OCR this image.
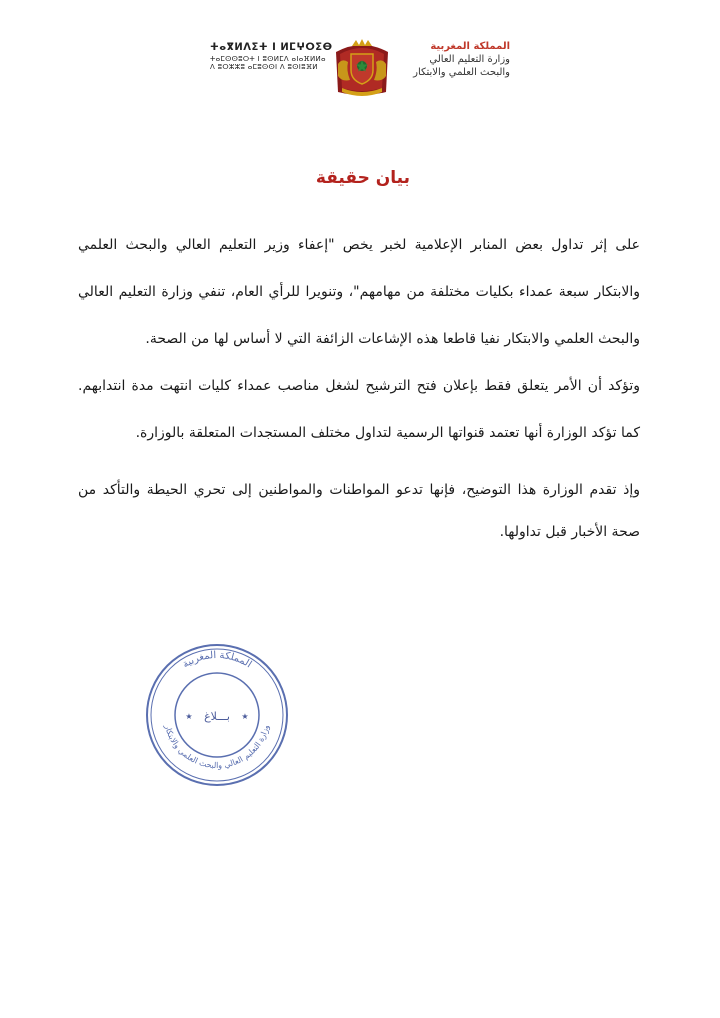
ⵜⴰⴳⵍⴷⵉⵜ ⵏ ⵍⵎⵖⵔⵉⴱ
ⵜⴰⵎⵙⵙⵓⵔⵜ ⵏ ⵓⵙⵍⵎⴷ ⴰⵏⴰⴼⵍⵍⴰ
ⴷ ⵓⵔⵣⵣⵓ ⴰⵎⵓⵙⵙⵏ ⴷ ⵓⵙⵏⵓⴼⵍ
المملكة المغربية
وزارة التعليم العالي
والبحث العلمي والابتكار
بيان حقيقة

على إثر تداول بعض المنابر الإعلامية لخبر يخص "إعفاء وزير التعليم العالي والبحث العلمي والابتكار سبعة عمداء بكليات مختلفة من مهامهم"، وتنويرا للرأي العام، تنفي وزارة التعليم العالي والبحث العلمي والابتكار نفيا قاطعا هذه الإشاعات الزائفة التي لا أساس لها من الصحة.

وتؤكد أن الأمر يتعلق فقط بإعلان فتح الترشيح لشغل مناصب عمداء كليات انتهت مدة انتدابهم. كما تؤكد الوزارة أنها تعتمد قنواتها الرسمية لتداول مختلف المستجدات المتعلقة بالوزارة.

وإذ تقدم الوزارة هذا التوضيح، فإنها تدعو المواطنات والمواطنين إلى تحري الحيطة والتأكد من صحة الأخبار قبل تداولها.

المملكة المغربية
وزارة التعليم العالي والبحث العلمي والابتكار
بـــلاغ
★	★
